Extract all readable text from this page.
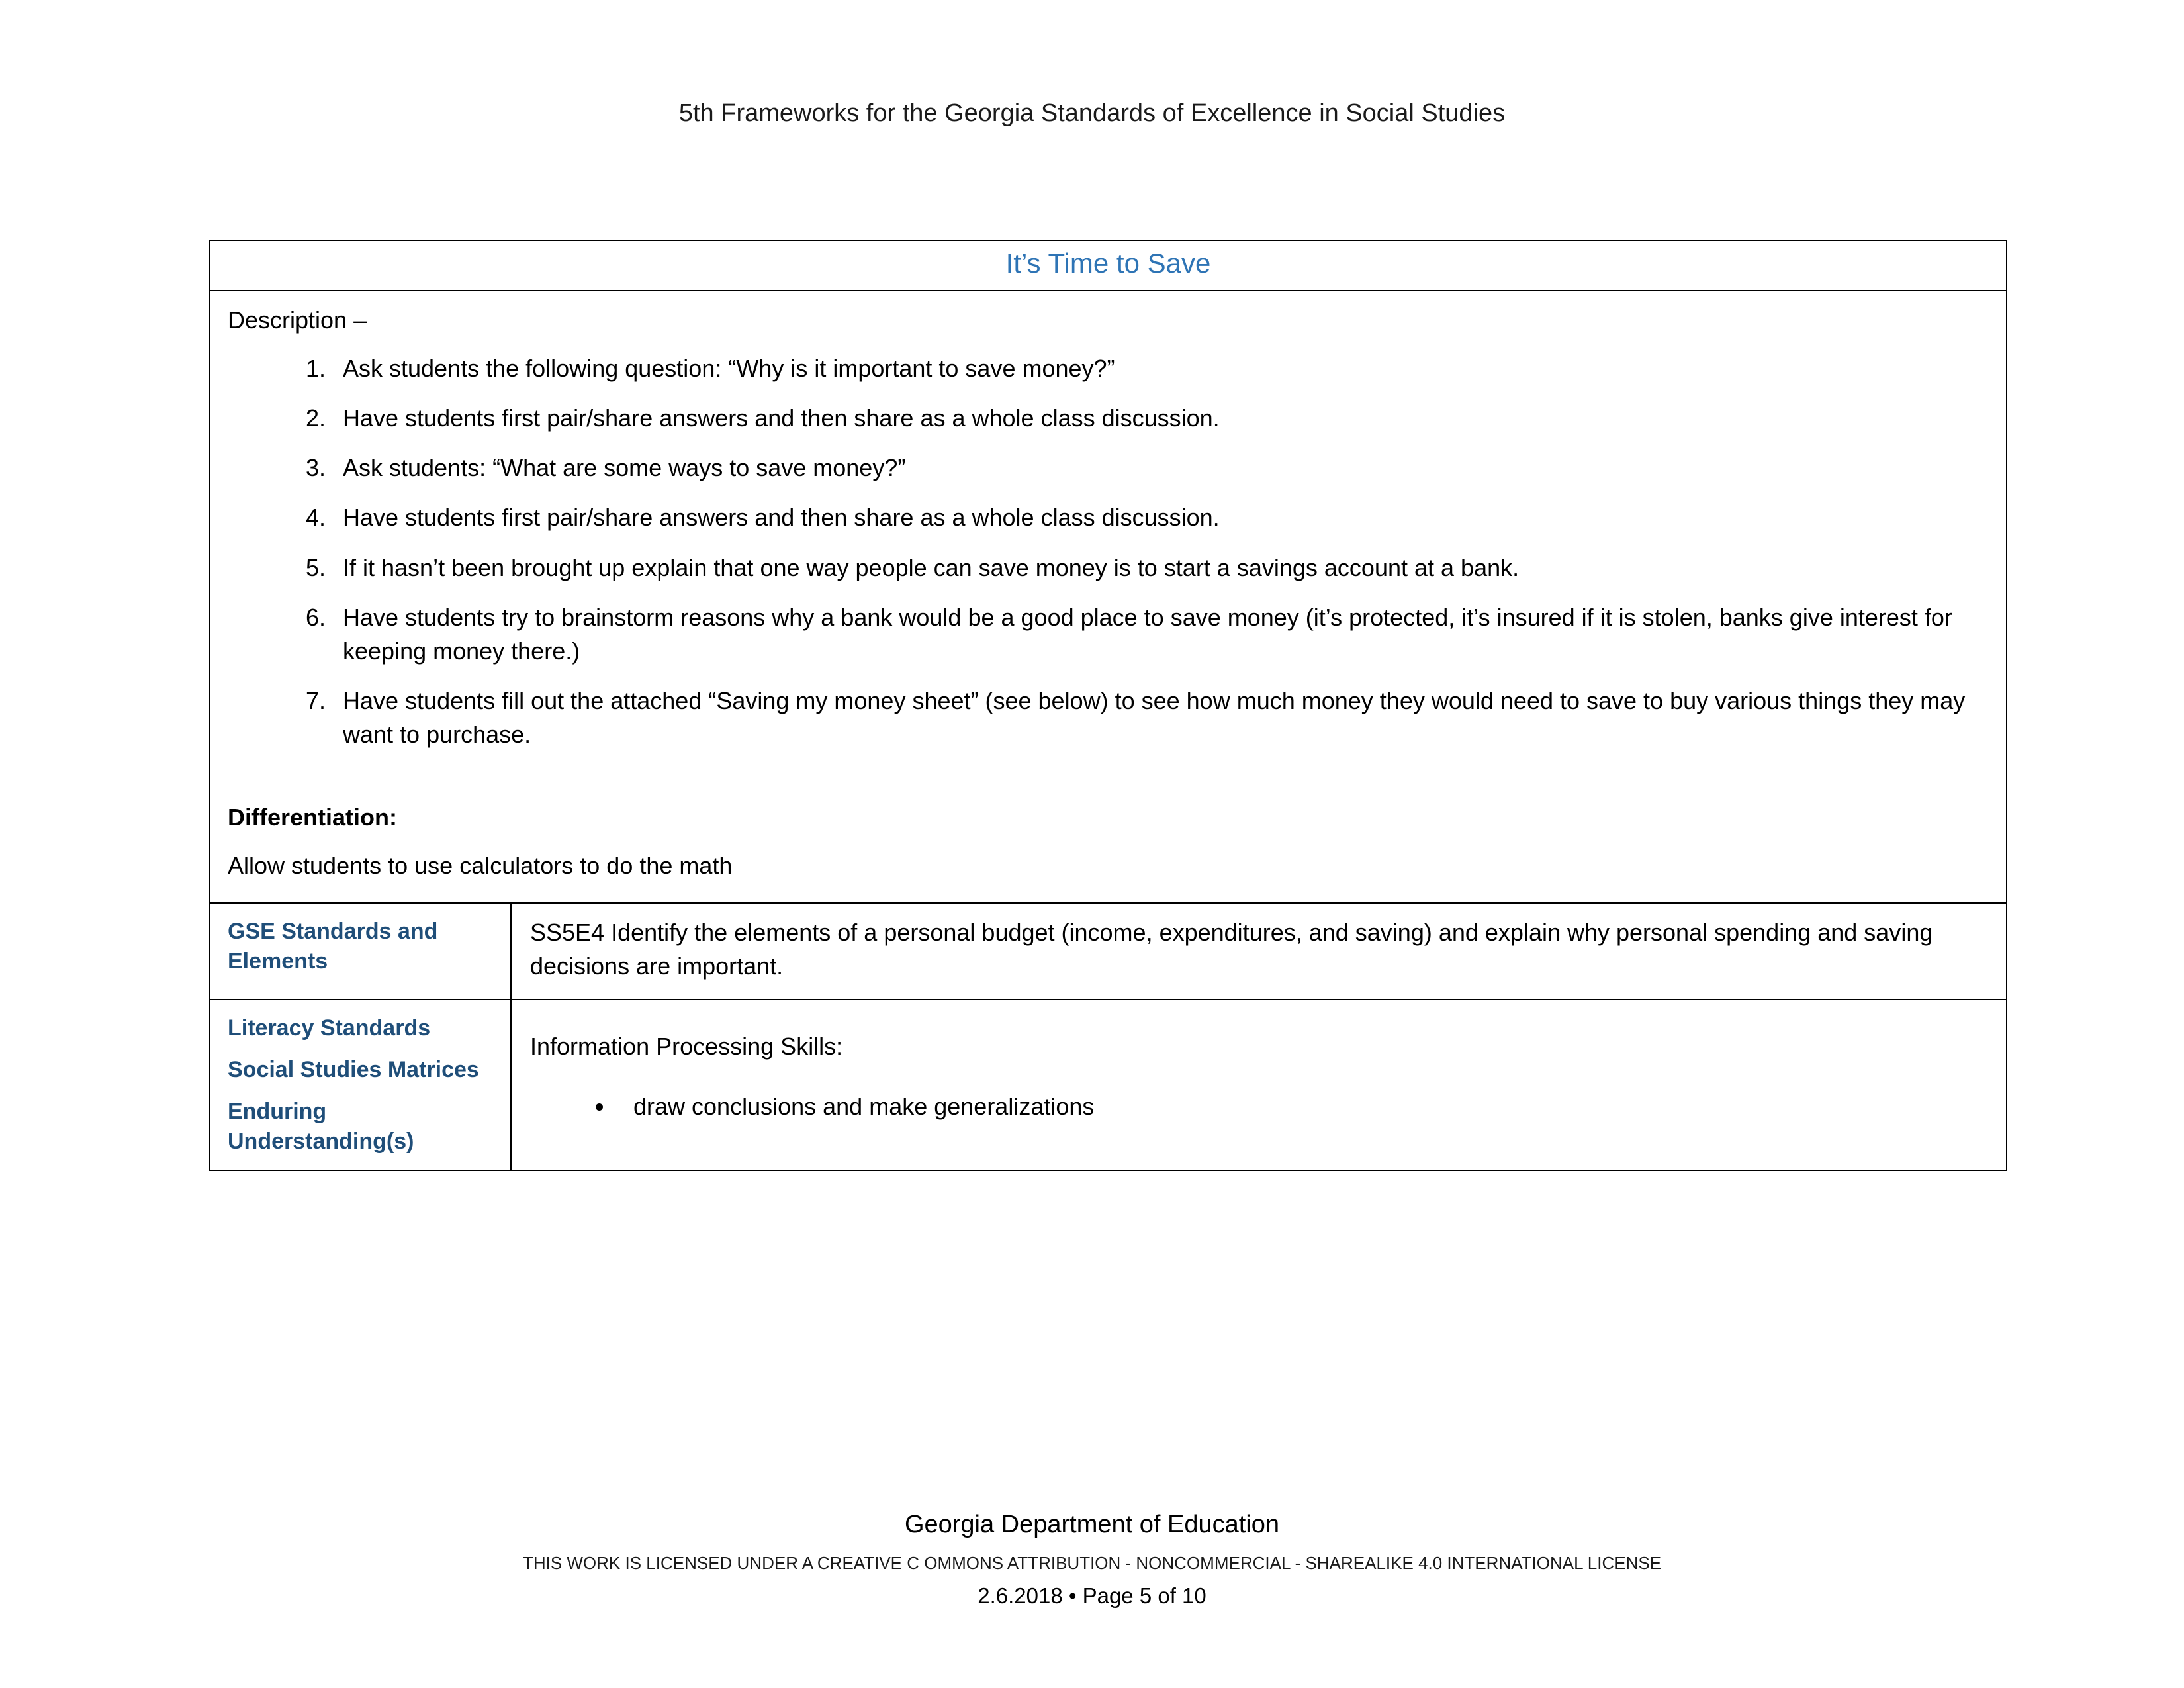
5th Frameworks for the Georgia Standards of Excellence in Social Studies
It’s Time to Save
Description –
1. Ask students the following question: “Why is it important to save money?”
2. Have students first pair/share answers and then share as a whole class discussion.
3. Ask students: “What are some ways to save money?”
4. Have students first pair/share answers and then share as a whole class discussion.
5. If it hasn’t been brought up explain that one way people can save money is to start a savings account at a bank.
6. Have students try to brainstorm reasons why a bank would be a good place to save money (it’s protected, it’s insured if it is stolen, banks give interest for keeping money there.)
7. Have students fill out the attached “Saving my money sheet” (see below) to see how much money they would need to save to buy various things they may want to purchase.
Differentiation:
Allow students to use calculators to do the math
GSE Standards and Elements
SS5E4 Identify the elements of a personal budget (income, expenditures, and saving) and explain why personal spending and saving decisions are important.
Literacy Standards
Social Studies Matrices
Enduring Understanding(s)
Information Processing Skills:
• draw conclusions and make generalizations
Georgia Department of Education
THIS WORK IS LICENSED UNDER A CREATIVE C OMMONS ATTRIBUTION - NONCOMMERCIAL - SHAREALIKE 4.0 INTERNATIONAL LICENSE
2.6.2018 • Page 5 of 10
